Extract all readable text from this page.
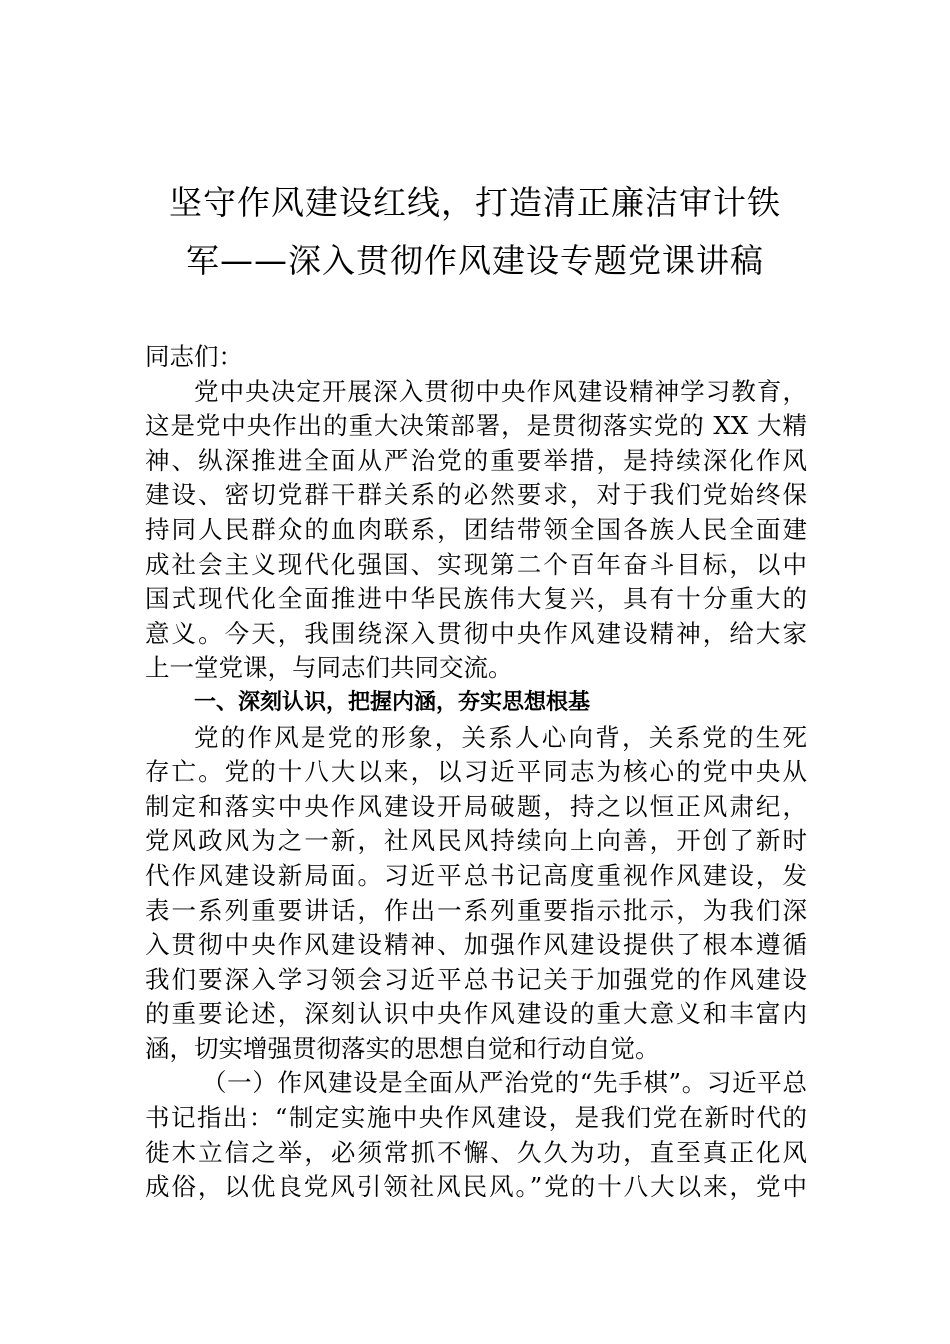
坚守作风建设红线，打造清正廉洁审计铁
军——深入贯彻作风建设专题党课讲稿
同志们：
党中央决定开展深入贯彻中央作风建设精神学习教育，
这是党中央作出的重大决策部署，是贯彻落实党的 XX 大精
神、纵深推进全面从严治党的重要举措，是持续深化作风
建设、密切党群干群关系的必然要求，对于我们党始终保
持同人民群众的血肉联系，团结带领全国各族人民全面建
成社会主义现代化强国、实现第二个百年奋斗目标，以中
国式现代化全面推进中华民族伟大复兴，具有十分重大的
意义。今天，我围绕深入贯彻中央作风建设精神，给大家
上一堂党课，与同志们共同交流。
一、深刻认识，把握内涵，夯实思想根基
党的作风是党的形象，关系人心向背，关系党的生死
存亡。党的十八大以来，以习近平同志为核心的党中央从
制定和落实中央作风建设开局破题，持之以恒正风肃纪，
党风政风为之一新，社风民风持续向上向善，开创了新时
代作风建设新局面。习近平总书记高度重视作风建设，发
表一系列重要讲话，作出一系列重要指示批示，为我们深
入贯彻中央作风建设精神、加强作风建设提供了根本遵循
我们要深入学习领会习近平总书记关于加强党的作风建设
的重要论述，深刻认识中央作风建设的重大意义和丰富内
涵，切实增强贯彻落实的思想自觉和行动自觉。
（一）作风建设是全面从严治党的“先手棋”。习近平总
书记指出：“制定实施中央作风建设，是我们党在新时代的
徙木立信之举，必须常抓不懈、久久为功，直至真正化风
成俗，以优良党风引领社风民风。”党的十八大以来，党中
